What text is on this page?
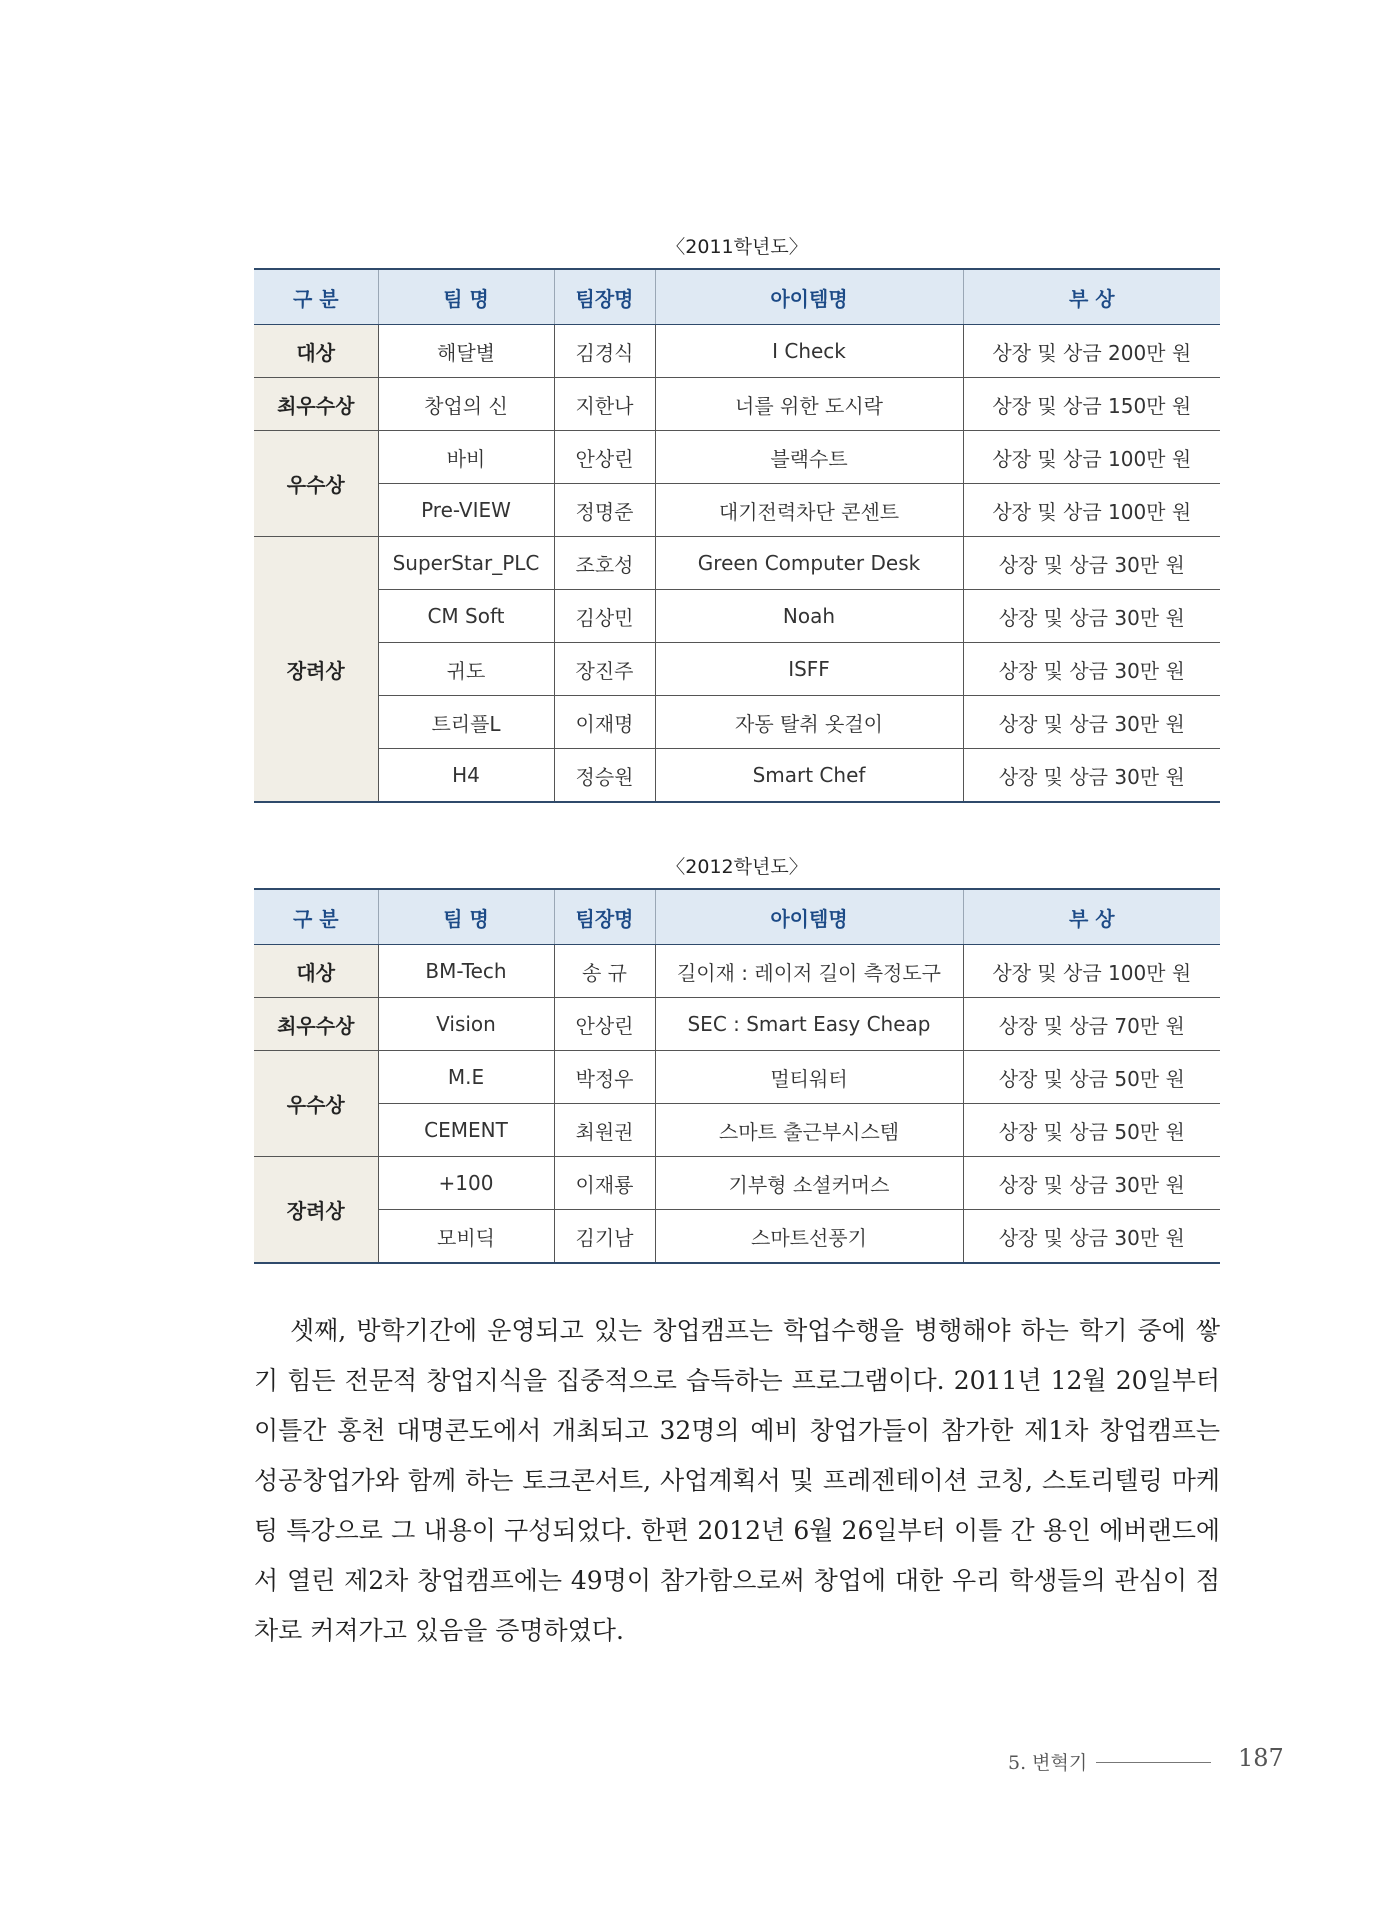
〈2011학년도〉
구 분	팀 명	팀장명	아이템명	부 상
대상	해달별	김경식	I Check	상장 및 상금 200만 원
최우수상	창업의 신	지한나	너를 위한 도시락	상장 및 상금 150만 원
우수상	바비	안상린	블랙수트	상장 및 상금 100만 원
	Pre-VIEW	정명준	대기전력차단 콘센트	상장 및 상금 100만 원
장려상	SuperStar_PLC	조호성	Green Computer Desk	상장 및 상금 30만 원
	CM Soft	김상민	Noah	상장 및 상금 30만 원
	귀도	장진주	ISFF	상장 및 상금 30만 원
	트리플L	이재명	자동 탈취 옷걸이	상장 및 상금 30만 원
	H4	정승원	Smart Chef	상장 및 상금 30만 원
〈2012학년도〉
구 분	팀 명	팀장명	아이템명	부 상
대상	BM-Tech	송 규	길이재 : 레이저 길이 측정도구	상장 및 상금 100만 원
최우수상	Vision	안상린	SEC : Smart Easy Cheap	상장 및 상금 70만 원
우수상	M.E	박정우	멀티워터	상장 및 상금 50만 원
	CEMENT	최원권	스마트 출근부시스템	상장 및 상금 50만 원
장려상	+100	이재룡	기부형 소셜커머스	상장 및 상금 30만 원
	모비딕	김기남	스마트선풍기	상장 및 상금 30만 원

셋째, 방학기간에 운영되고 있는 창업캠프는 학업수행을 병행해야 하는 학기 중에 쌓기 힘든 전문적 창업지식을 집중적으로 습득하는 프로그램이다. 2011년 12월 20일부터 이틀간 홍천 대명콘도에서 개최되고 32명의 예비 창업가들이 참가한 제1차 창업캠프는 성공창업가와 함께 하는 토크콘서트, 사업계획서 및 프레젠테이션 코칭, 스토리텔링 마케팅 특강으로 그 내용이 구성되었다. 한편 2012년 6월 26일부터 이틀 간 용인 에버랜드에서 열린 제2차 창업캠프에는 49명이 참가함으로써 창업에 대한 우리 학생들의 관심이 점차로 커져가고 있음을 증명하였다.

5. 변혁기	187
